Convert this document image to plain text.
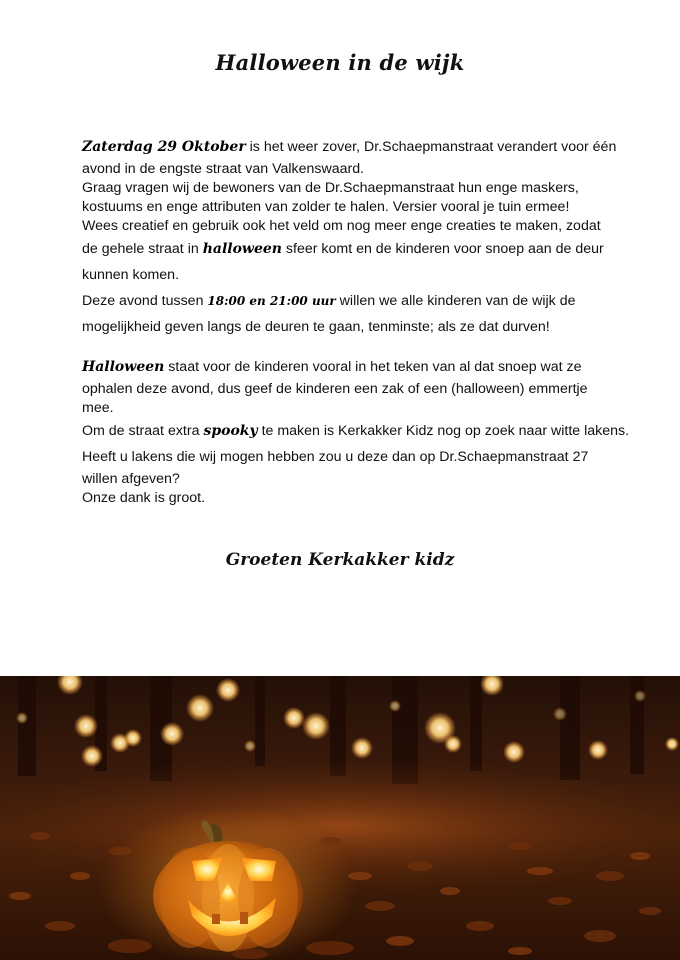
Halloween in de wijk

Zaterdag 29 Oktober is het weer zover, Dr.Schaepmanstraat verandert voor één
avond in de engste straat van Valkenswaard.
Graag vragen wij de bewoners van de Dr.Schaepmanstraat hun enge maskers,
kostuums en enge attributen van zolder te halen. Versier vooral je tuin ermee!
Wees creatief en gebruik ook het veld om nog meer enge creaties te maken, zodat
de gehele straat in halloween sfeer komt en de kinderen voor snoep aan de deur
kunnen komen.
Deze avond tussen 18:00 en 21:00 uur willen we alle kinderen van de wijk de
mogelijkheid geven langs de deuren te gaan, tenminste; als ze dat durven!

Halloween staat voor de kinderen vooral in het teken van al dat snoep wat ze
ophalen deze avond, dus geef de kinderen een zak of een (halloween) emmertje
mee.
Om de straat extra spooky te maken is Kerkakker Kidz nog op zoek naar witte lakens.
Heeft u lakens die wij mogen hebben zou u deze dan op Dr.Schaepmanstraat 27
willen afgeven?
Onze dank is groot.

Groeten Kerkakker kidz
